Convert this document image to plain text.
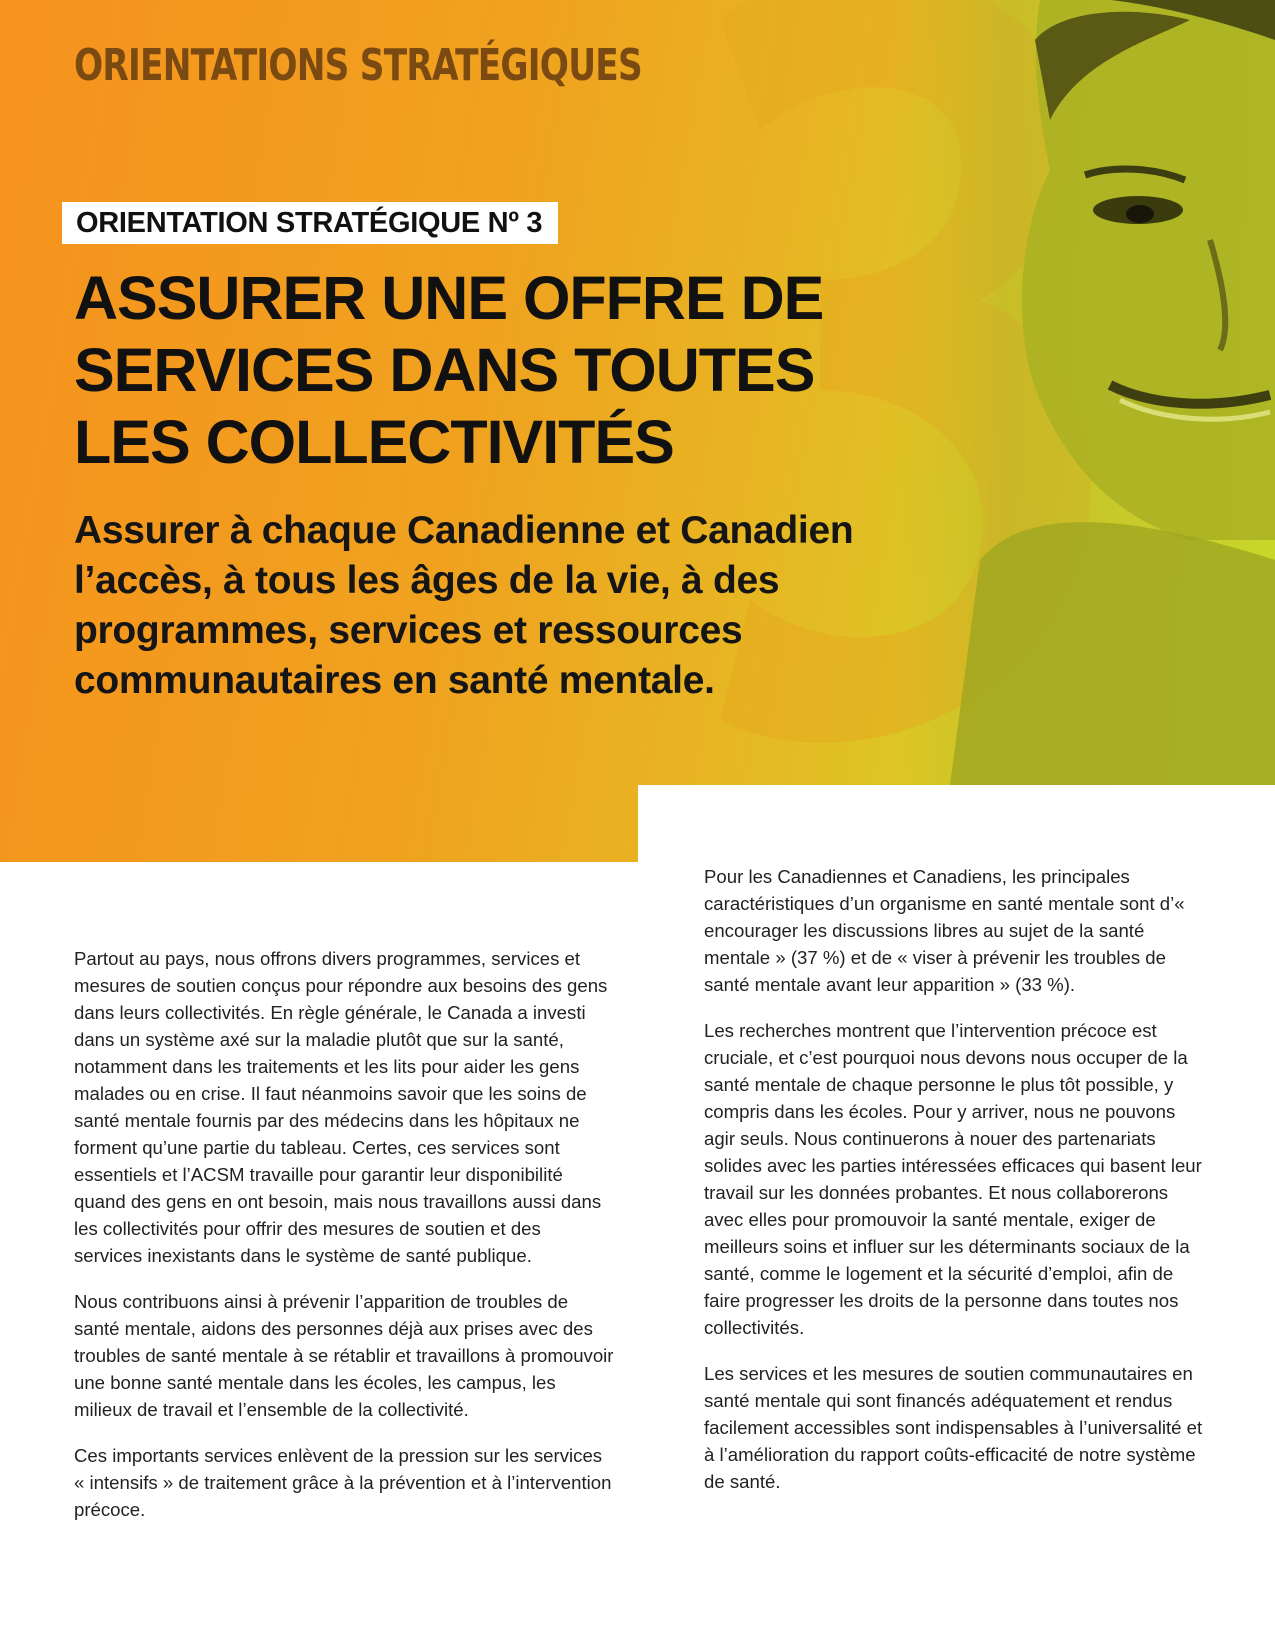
ORIENTATIONS STRATÉGIQUES
ORIENTATION STRATÉGIQUE Nº 3
ASSURER UNE OFFRE DE SERVICES DANS TOUTES LES COLLECTIVITÉS

Assurer à chaque Canadienne et Canadien l’accès, à tous les âges de la vie, à des programmes, services et ressources communautaires en santé mentale.

Partout au pays, nous offrons divers programmes, services et mesures de soutien conçus pour répondre aux besoins des gens dans leurs collectivités. En règle générale, le Canada a investi dans un système axé sur la maladie plutôt que sur la santé, notamment dans les traitements et les lits pour aider les gens malades ou en crise. Il faut néanmoins savoir que les soins de santé mentale fournis par des médecins dans les hôpitaux ne forment qu’une partie du tableau. Certes, ces services sont essentiels et l’ACSM travaille pour garantir leur disponibilité quand des gens en ont besoin, mais nous travaillons aussi dans les collectivités pour offrir des mesures de soutien et des services inexistants dans le système de santé publique.

Nous contribuons ainsi à prévenir l’apparition de troubles de santé mentale, aidons des personnes déjà aux prises avec des troubles de santé mentale à se rétablir et travaillons à promouvoir une bonne santé mentale dans les écoles, les campus, les milieux de travail et l’ensemble de la collectivité.

Ces importants services enlèvent de la pression sur les services « intensifs » de traitement grâce à la prévention et à l’intervention précoce.

Pour les Canadiennes et Canadiens, les principales caractéristiques d’un organisme en santé mentale sont d’« encourager les discussions libres au sujet de la santé mentale » (37 %) et de « viser à prévenir les troubles de santé mentale avant leur apparition » (33 %).

Les recherches montrent que l’intervention précoce est cruciale, et c’est pourquoi nous devons nous occuper de la santé mentale de chaque personne le plus tôt possible, y compris dans les écoles. Pour y arriver, nous ne pouvons agir seuls. Nous continuerons à nouer des partenariats solides avec les parties intéressées efficaces qui basent leur travail sur les données probantes. Et nous collaborerons avec elles pour promouvoir la santé mentale, exiger de meilleurs soins et influer sur les déterminants sociaux de la santé, comme le logement et la sécurité d’emploi, afin de faire progresser les droits de la personne dans toutes nos collectivités.

Les services et les mesures de soutien communautaires en santé mentale qui sont financés adéquatement et rendus facilement accessibles sont indispensables à l’universalité et à l’amélioration du rapport coûts-efficacité de notre système de santé.
